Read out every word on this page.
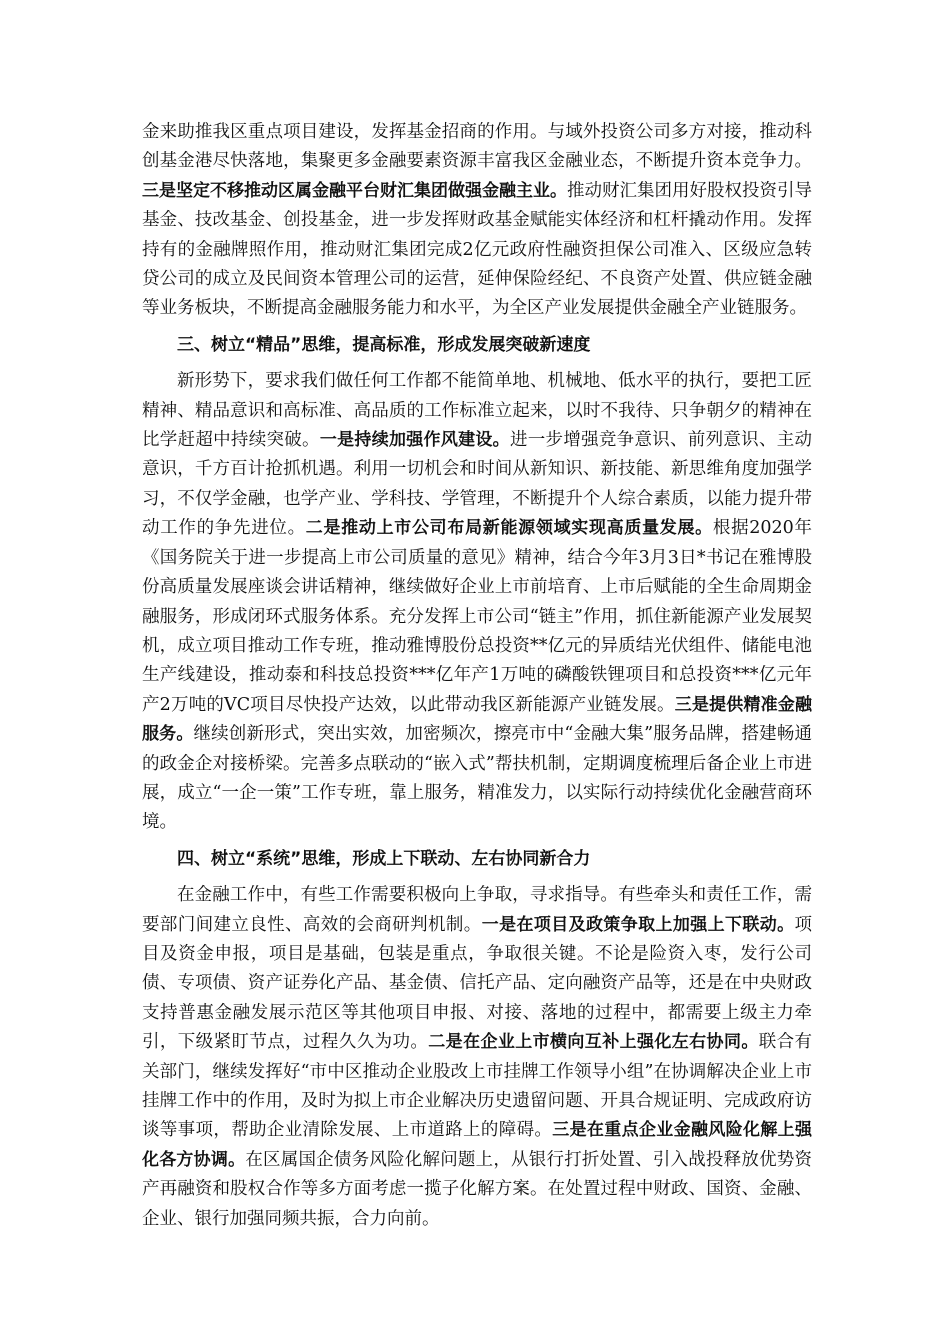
金来助推我区重点项目建设，发挥基金招商的作用。与域外投资公司多方对接，推动科创基金港尽快落地，集聚更多金融要素资源丰富我区金融业态，不断提升资本竞争力。三是坚定不移推动区属金融平台财汇集团做强金融主业。推动财汇集团用好股权投资引导基金、技改基金、创投基金，进一步发挥财政基金赋能实体经济和杠杆撬动作用。发挥持有的金融牌照作用，推动财汇集团完成2亿元政府性融资担保公司准入、区级应急转贷公司的成立及民间资本管理公司的运营，延伸保险经纪、不良资产处置、供应链金融等业务板块，不断提高金融服务能力和水平，为全区产业发展提供金融全产业链服务。

三、树立“精品”思维，提高标准，形成发展突破新速度

新形势下，要求我们做任何工作都不能简单地、机械地、低水平的执行，要把工匠精神、精品意识和高标准、高品质的工作标准立起来，以时不我待、只争朝夕的精神在比学赶超中持续突破。一是持续加强作风建设。进一步增强竞争意识、前列意识、主动意识，千方百计抢抓机遇。利用一切机会和时间从新知识、新技能、新思维角度加强学习，不仅学金融，也学产业、学科技、学管理，不断提升个人综合素质，以能力提升带动工作的争先进位。二是推动上市公司布局新能源领域实现高质量发展。根据2020年《国务院关于进一步提高上市公司质量的意见》精神，结合今年3月3日*书记在雅博股份高质量发展座谈会讲话精神，继续做好企业上市前培育、上市后赋能的全生命周期金融服务，形成闭环式服务体系。充分发挥上市公司“链主”作用，抓住新能源产业发展契机，成立项目推动工作专班，推动雅博股份总投资**亿元的异质结光伏组件、储能电池生产线建设，推动泰和科技总投资***亿年产1万吨的磷酸铁锂项目和总投资***亿元年产2万吨的VC项目尽快投产达效，以此带动我区新能源产业链发展。三是提供精准金融服务。继续创新形式，突出实效，加密频次，擦亮市中“金融大集”服务品牌，搭建畅通的政金企对接桥梁。完善多点联动的“嵌入式”帮扶机制，定期调度梳理后备企业上市进展，成立“一企一策”工作专班，靠上服务，精准发力，以实际行动持续优化金融营商环境。

四、树立“系统”思维，形成上下联动、左右协同新合力

在金融工作中，有些工作需要积极向上争取，寻求指导。有些牵头和责任工作，需要部门间建立良性、高效的会商研判机制。一是在项目及政策争取上加强上下联动。项目及资金申报，项目是基础，包装是重点，争取很关键。不论是险资入枣，发行公司债、专项债、资产证券化产品、基金债、信托产品、定向融资产品等，还是在中央财政支持普惠金融发展示范区等其他项目申报、对接、落地的过程中，都需要上级主力牵引，下级紧盯节点，过程久久为功。二是在企业上市横向互补上强化左右协同。联合有关部门，继续发挥好“市中区推动企业股改上市挂牌工作领导小组”在协调解决企业上市挂牌工作中的作用，及时为拟上市企业解决历史遗留问题、开具合规证明、完成政府访谈等事项，帮助企业清除发展、上市道路上的障碍。三是在重点企业金融风险化解上强化各方协调。在区属国企债务风险化解问题上，从银行打折处置、引入战投释放优势资产再融资和股权合作等多方面考虑一揽子化解方案。在处置过程中财政、国资、金融、企业、银行加强同频共振，合力向前。
